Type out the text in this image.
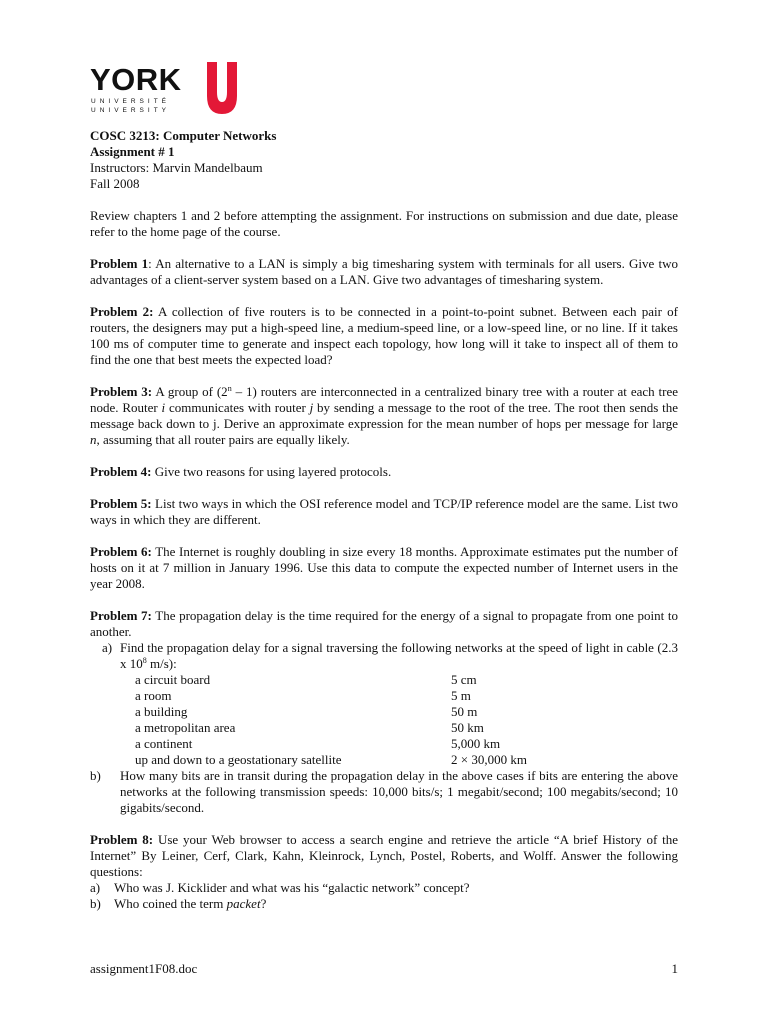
YORK
UNIVERSITÉ
UNIVERSITY
COSC 3213: Computer Networks
Assignment # 1
Instructors: Marvin Mandelbaum
Fall 2008

Review chapters 1 and 2 before attempting the assignment. For instructions on submission and due date, please refer to the home page of the course.

Problem 1: An alternative to a LAN is simply a big timesharing system with terminals for all users. Give two advantages of a client-server system based on a LAN. Give two advantages of timesharing system.

Problem 2: A collection of five routers is to be connected in a point-to-point subnet. Between each pair of routers, the designers may put a high-speed line, a medium-speed line, or a low-speed line, or no line. If it takes 100 ms of computer time to generate and inspect each topology, how long will it take to inspect all of them to find the one that best meets the expected load?

Problem 3: A group of (2$^n$ – 1) routers are interconnected in a centralized binary tree with a router at each tree node. Router i communicates with router j by sending a message to the root of the tree. The root then sends the message back down to j. Derive an approximate expression for the mean number of hops per message for large n, assuming that all router pairs are equally likely.

Problem 4: Give two reasons for using layered protocols.

Problem 5: List two ways in which the OSI reference model and TCP/IP reference model are the same. List two ways in which they are different.

Problem 6: The Internet is roughly doubling in size every 18 months. Approximate estimates put the number of hosts on it at 7 million in January 1996. Use this data to compute the expected number of Internet users in the year 2008.

Problem 7: The propagation delay is the time required for the energy of a signal to propagate from one point to another.

a) Find the propagation delay for a signal traversing the following networks at the speed of light in cable (2.3 x $10^8$ m/s):
a circuit board	5 cm
a room	5 m
a building	50 m
a metropolitan area	50 km
a continent	5,000 km
up and down to a geostationary satellite	2 × 30,000 km
b)	How many bits are in transit during the propagation delay in the above cases if bits are entering the above networks at the following transmission speeds: 10,000 bits/s; 1 megabit/second; 100 megabits/second; 10 gigabits/second.

Problem 8: Use your Web browser to access a search engine and retrieve the article “A brief History of the Internet” By Leiner, Cerf, Clark, Kahn, Kleinrock, Lynch, Postel, Roberts, and Wolff. Answer the following questions:

a)	Who was J. Kicklider and what was his “galactic network” concept?
b)	Who coined the term packet?
assignment1F08.doc	1
